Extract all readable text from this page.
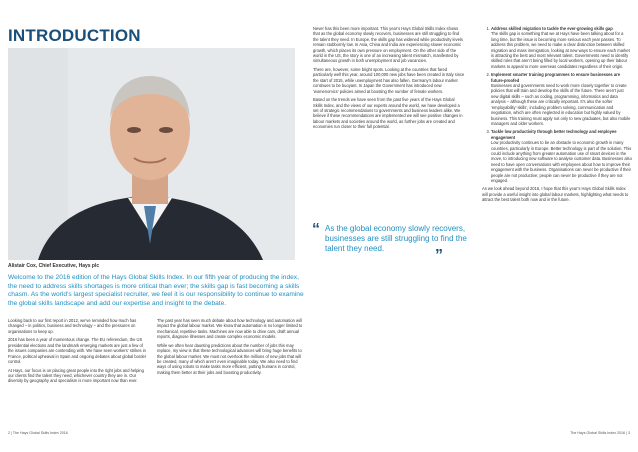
INTRODUCTION
Alistair Cox, Chief Executive, Hays plc
Welcome to the 2016 edition of the Hays Global Skills Index. In our fifth year of producing the index, the need to address skills shortages is more critical than ever; the skills gap is fast becoming a skills chasm. As the world’s largest specialist recruiter, we feel it is our responsibility to continue to examine the global skills landscape and add our expertise and insight to the debate.

Looking back to our first report in 2012, we’ve reminded how much has changed – in politics, business and technology – and the pressures on organisations to keep up.

2016 has been a year of momentous change. The EU referendum, the US presidential elections and the landmark emerging markets are just a few of the issues companies are contending with. We have seen workers’ strikes in France, political upheaval in Spain and ongoing debates about global border control.

At Hays, our focus is on placing great people into the right jobs and helping our clients find the talent they need, whichever country they are in. Our diversity by geography and specialism is more important now than ever.

The past year has seen much debate about how technology and automation will impact the global labour market. We know that automation is no longer limited to mechanical, repetitive tasks. Machines are now able to drive cars, draft annual reports, diagnose illnesses and create complex economic models.

While we often hear daunting predictions about the number of jobs this may replace, my view is that these technological advances will bring huge benefits to the global labour market. We must not overlook the millions of new jobs that will be created, many of which aren’t even imaginable today. We also need to find ways of using robots to make tasks more efficient, putting humans in control, making them better at their jobs and boosting productivity.

Never has this been more important. This year’s Hays Global Skills Index shows that as the global economy slowly recovers, businesses are still struggling to find the talent they need. In Europe, the skills gap has widened while productivity levels remain stubbornly low. In Asia, China and India are experiencing slower economic growth, which places its own pressure on employment. On the other side of the world in the US, the story is one of an increasing talent mismatch, manifested by simultaneous growth in both unemployment and job vacancies.

There are, however, some bright spots. Looking at the countries that fared particularly well this year, around 100,000 new jobs have been created in Italy since the start of 2015, while unemployment has also fallen. Germany’s labour market continues to be buoyant. In Japan the Government has introduced new ‘womenomics’ policies aimed at boosting the number of female workers.

Based on the trends we have seen from the past five years of the Hays Global Skills Index, and the views of our experts around the world, we have developed a set of strategic recommendations to governments and business leaders alike. We believe if these recommendations are implemented we will see positive changes in labour markets and societies around the world, as further jobs are created and economies run closer to their full potential.

“ As the global economy slowly recovers, businesses are still struggling to find the talent they need.	”
1. Address skilled migration to tackle the ever-growing skills gap
The skills gap is something that we at Hays have been talking about for a long time, but the issue is becoming more serious each year passes. To address this problem, we need to make a clear distinction between skilled migration and mass immigration, looking at new ways to ensure each market is attracting the best and most relevant talent. Governments need to identify skilled roles that aren’t being filled by local workers, opening up their labour markets to appeal to more overseas candidates regardless of their origin.
2. Implement smarter training programmes to ensure businesses are future-proofed
Businesses and governments need to work more closely together to create policies that will train and develop the skills of the future. There aren’t just new digital skills – such as coding, programming, informatics and data analysis – although these are critically important. It’s also the softer ‘employability’ skills’, including problem solving, communication and negotiation, which are often neglected in education but highly valued by business. This training must apply not only to new graduates, but also mobile managers and older workers.
3. Tackle low productivity through better technology and employee engagement
Low productivity continues to be an obstacle to economic growth in many countries, particularly in Europe. Better technology is part of the solution. This could include anything from greater automation use of smart devices in the move, to introducing new software to analyse customer data. Businesses also need to have open conversations with employees about how to improve their engagement with the business. Organisations can never be productive if their people are not productive; people can never be productive if they are not engaged.
As we look ahead beyond 2016, I hope that this year’s Hays Global Skills Index will provide a useful insight into global labour markets, highlighting what needs to attract the best talent both now and in the future.
2 | The Hays Global Skills Index 2016	The Hays Global Skills Index 2016 | 3
